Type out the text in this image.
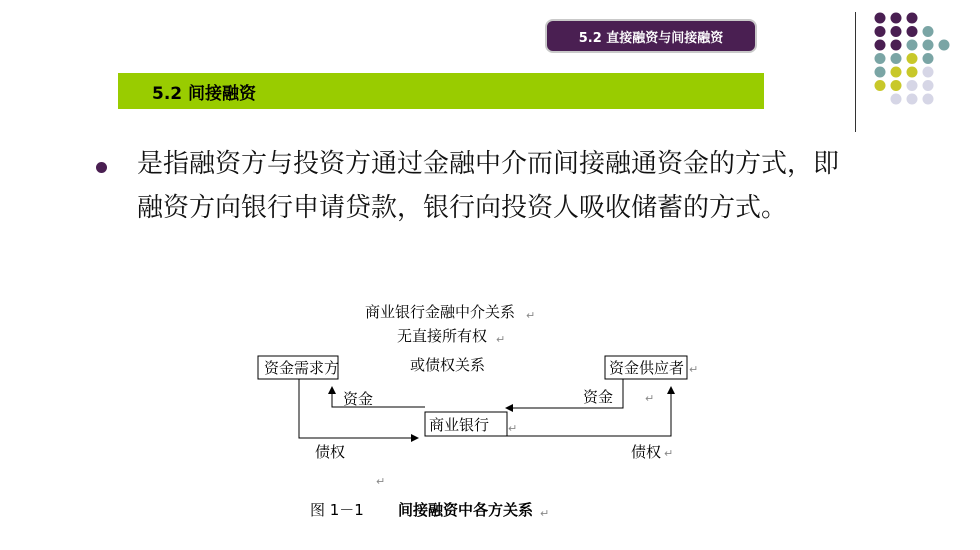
5.2 直接融资与间接融资
5.2 间接融资
是指融资方与投资方通过金融中介而间接融通资金的方式，即融资方向银行申请贷款，银行向投资人吸收储蓄的方式。
商业银行金融中介关系 ↵
无直接所有权 ↵
或债权关系
资金需求方	资金供应者 ↵
商业银行 ↵
资金
债权
资金	↵
债权 ↵
↵
图 1－1 间接融资中各方关系 ↵
